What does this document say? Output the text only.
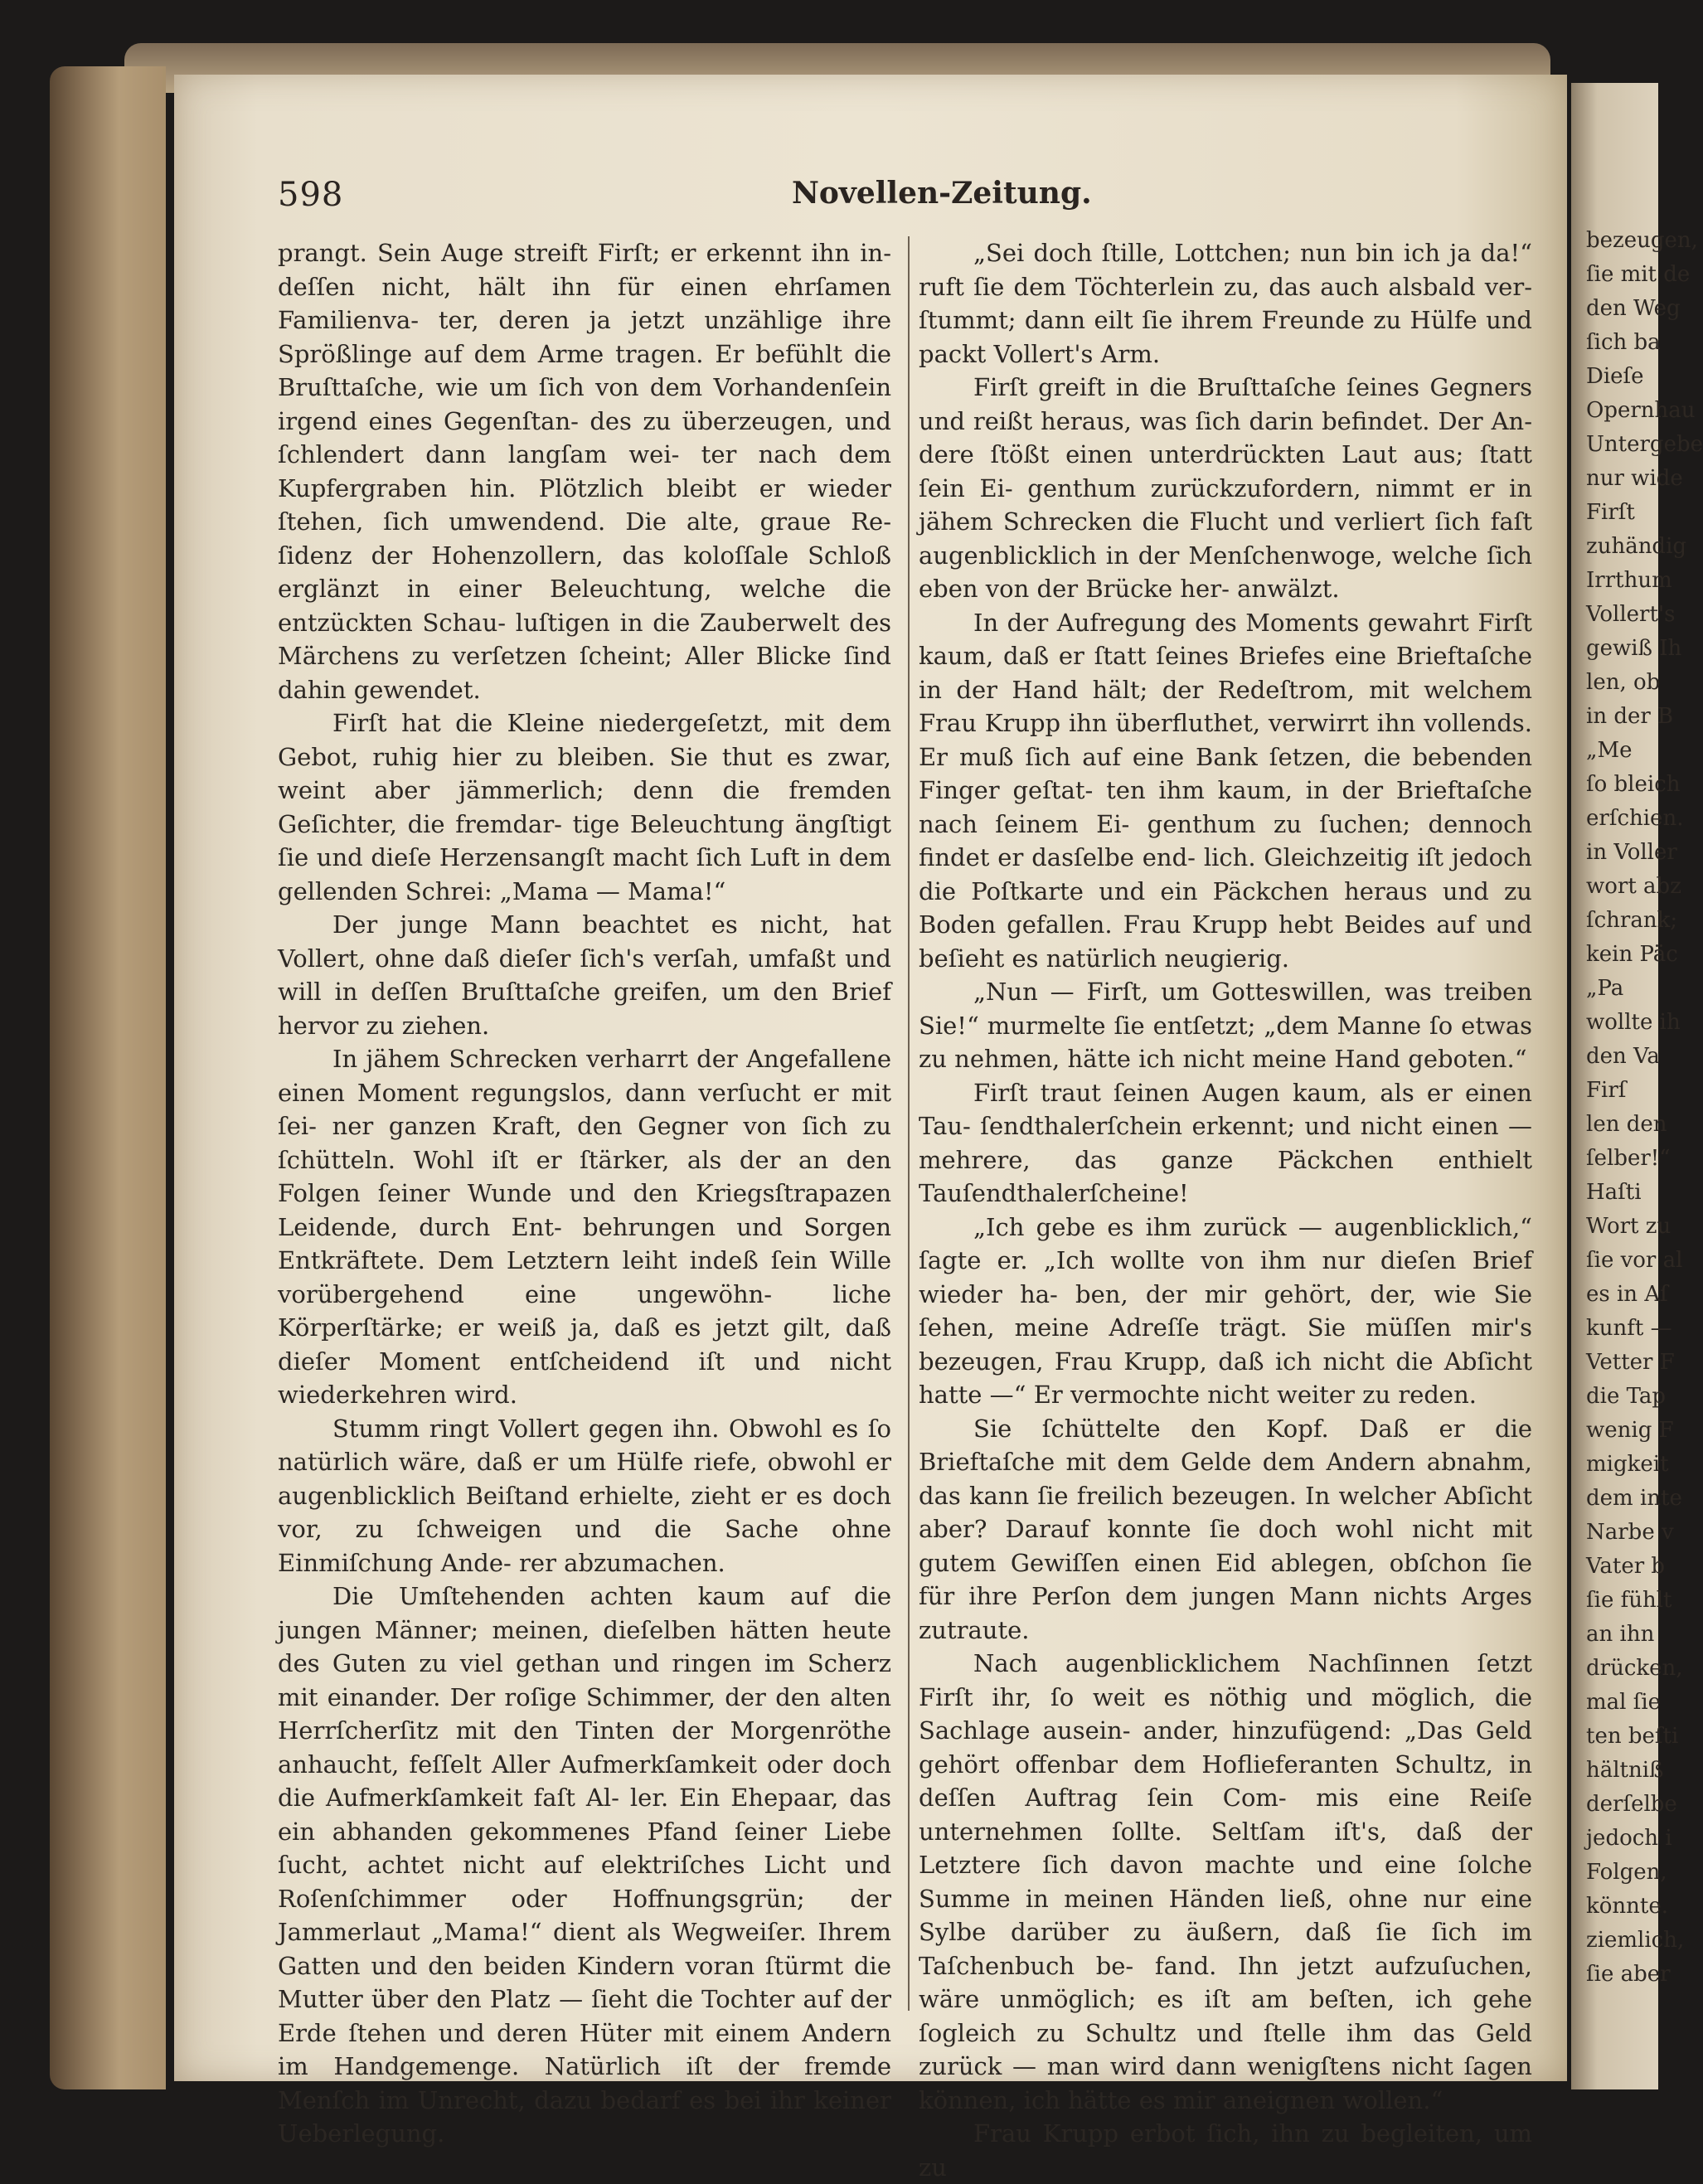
bezeugen,
ſie mit de
den Weg
ſich ba
Dieſe
Opernhau
Untergebe
nur wide
Firſt
zuhändig
Irrthum
Vollert's
gewiß Ih
len, ob
in der B
„Me
ſo bleich
erſchien.
in Voller
wort abz
ſchrank;
kein Päc
„Pa
wollte ih
den Va
Firſ
len den
ſelber!“
Haſti
Wort zu
ſie vor al
es in Aſ
kunft —
Vetter F
die Tap
wenig F
migkeit
dem inte
Narbe v
Vater b
ſie fühlt
an ihn
drücken,
mal ſie
ten beſti
hältniß
derſelbe
jedoch i
Folgen,
könnte.
ziemlich,
ſie aber
598	Novellen-Zeitung.

prangt. Sein Auge streift Firſt; er erkennt ihn in- deſſen nicht, hält ihn für einen ehrſamen Familienva- ter, deren ja jetzt unzählige ihre Sprößlinge auf dem Arme tragen. Er befühlt die Bruſttaſche, wie um ſich von dem Vorhandenſein irgend eines Gegenſtan- des zu überzeugen, und ſchlendert dann langſam wei- ter nach dem Kupfergraben hin. Plötzlich bleibt er wieder ſtehen, ſich umwendend. Die alte, graue Re- ſidenz der Hohenzollern, das koloſſale Schloß erglänzt in einer Beleuchtung, welche die entzückten Schau- luſtigen in die Zauberwelt des Märchens zu verſetzen ſcheint; Aller Blicke ſind dahin gewendet.

Firſt hat die Kleine niedergeſetzt, mit dem Gebot, ruhig hier zu bleiben. Sie thut es zwar, weint aber jämmerlich; denn die fremden Geſichter, die fremdar- tige Beleuchtung ängſtigt ſie und dieſe Herzensangſt macht ſich Luft in dem gellenden Schrei: „Mama — Mama!“

Der junge Mann beachtet es nicht, hat Vollert, ohne daß dieſer ſich's verſah, umfaßt und will in deſſen Bruſttaſche greifen, um den Brief hervor zu ziehen.

In jähem Schrecken verharrt der Angefallene einen Moment regungslos, dann verſucht er mit ſei- ner ganzen Kraft, den Gegner von ſich zu ſchütteln. Wohl iſt er ſtärker, als der an den Folgen ſeiner Wunde und den Kriegsſtrapazen Leidende, durch Ent- behrungen und Sorgen Entkräftete. Dem Letztern leiht indeß ſein Wille vorübergehend eine ungewöhn- liche Körperſtärke; er weiß ja, daß es jetzt gilt, daß dieſer Moment entſcheidend iſt und nicht wiederkehren wird.

Stumm ringt Vollert gegen ihn. Obwohl es ſo natürlich wäre, daß er um Hülfe riefe, obwohl er augenblicklich Beiſtand erhielte, zieht er es doch vor, zu ſchweigen und die Sache ohne Einmiſchung Ande- rer abzumachen.

Die Umſtehenden achten kaum auf die jungen Männer; meinen, dieſelben hätten heute des Guten zu viel gethan und ringen im Scherz mit einander. Der roſige Schimmer, der den alten Herrſcherſitz mit den Tinten der Morgenröthe anhaucht, feſſelt Aller Aufmerkſamkeit oder doch die Aufmerkſamkeit faſt Al- ler. Ein Ehepaar, das ein abhanden gekommenes Pfand ſeiner Liebe ſucht, achtet nicht auf elektriſches Licht und Roſenſchimmer oder Hoffnungsgrün; der Jammerlaut „Mama!“ dient als Wegweiſer. Ihrem Gatten und den beiden Kindern voran ſtürmt die Mutter über den Platz — ſieht die Tochter auf der Erde ſtehen und deren Hüter mit einem Andern im Handgemenge. Natürlich iſt der fremde Menſch im Unrecht, dazu bedarf es bei ihr keiner Ueberlegung.

„Sei doch ſtille, Lottchen; nun bin ich ja da!“ ruft ſie dem Töchterlein zu, das auch alsbald ver- ſtummt; dann eilt ſie ihrem Freunde zu Hülfe und packt Vollert's Arm.

Firſt greift in die Bruſttaſche ſeines Gegners und reißt heraus, was ſich darin befindet. Der An- dere ſtößt einen unterdrückten Laut aus; ſtatt ſein Ei- genthum zurückzufordern, nimmt er in jähem Schrecken die Flucht und verliert ſich faſt augenblicklich in der Menſchenwoge, welche ſich eben von der Brücke her- anwälzt.

In der Aufregung des Moments gewahrt Firſt kaum, daß er ſtatt ſeines Briefes eine Brieftaſche in der Hand hält; der Redeſtrom, mit welchem Frau Krupp ihn überfluthet, verwirrt ihn vollends. Er muß ſich auf eine Bank ſetzen, die bebenden Finger geſtat- ten ihm kaum, in der Brieftaſche nach ſeinem Ei- genthum zu ſuchen; dennoch findet er dasſelbe end- lich. Gleichzeitig iſt jedoch die Poſtkarte und ein Päckchen heraus und zu Boden gefallen. Frau Krupp hebt Beides auf und beſieht es natürlich neugierig.

„Nun — Firſt, um Gotteswillen, was treiben Sie!“ murmelte ſie entſetzt; „dem Manne ſo etwas zu nehmen, hätte ich nicht meine Hand geboten.“

Firſt traut ſeinen Augen kaum, als er einen Tau- ſendthalerſchein erkennt; und nicht einen — mehrere, das ganze Päckchen enthielt Tauſendthalerſcheine!

„Ich gebe es ihm zurück — augenblicklich,“ ſagte er. „Ich wollte von ihm nur dieſen Brief wieder ha- ben, der mir gehört, der, wie Sie ſehen, meine Adreſſe trägt. Sie müſſen mir's bezeugen, Frau Krupp, daß ich nicht die Abſicht hatte —“ Er vermochte nicht weiter zu reden.

Sie ſchüttelte den Kopf. Daß er die Brieftaſche mit dem Gelde dem Andern abnahm, das kann ſie freilich bezeugen. In welcher Abſicht aber? Darauf konnte ſie doch wohl nicht mit gutem Gewiſſen einen Eid ablegen, obſchon ſie für ihre Perſon dem jungen Mann nichts Arges zutraute.

Nach augenblicklichem Nachſinnen ſetzt Firſt ihr, ſo weit es nöthig und möglich, die Sachlage ausein- ander, hinzufügend: „Das Geld gehört offenbar dem Hoflieferanten Schultz, in deſſen Auftrag ſein Com- mis eine Reiſe unternehmen ſollte. Seltſam iſt's, daß der Letztere ſich davon machte und eine ſolche Summe in meinen Händen ließ, ohne nur eine Sylbe darüber zu äußern, daß ſie ſich im Taſchenbuch be- fand. Ihn jetzt aufzuſuchen, wäre unmöglich; es iſt am beſten, ich gehe ſogleich zu Schultz und ſtelle ihm das Geld zurück — man wird dann wenigſtens nicht ſagen können, ich hätte es mir aneignen wollen.“

Frau Krupp erbot ſich, ihn zu begleiten, um zu
